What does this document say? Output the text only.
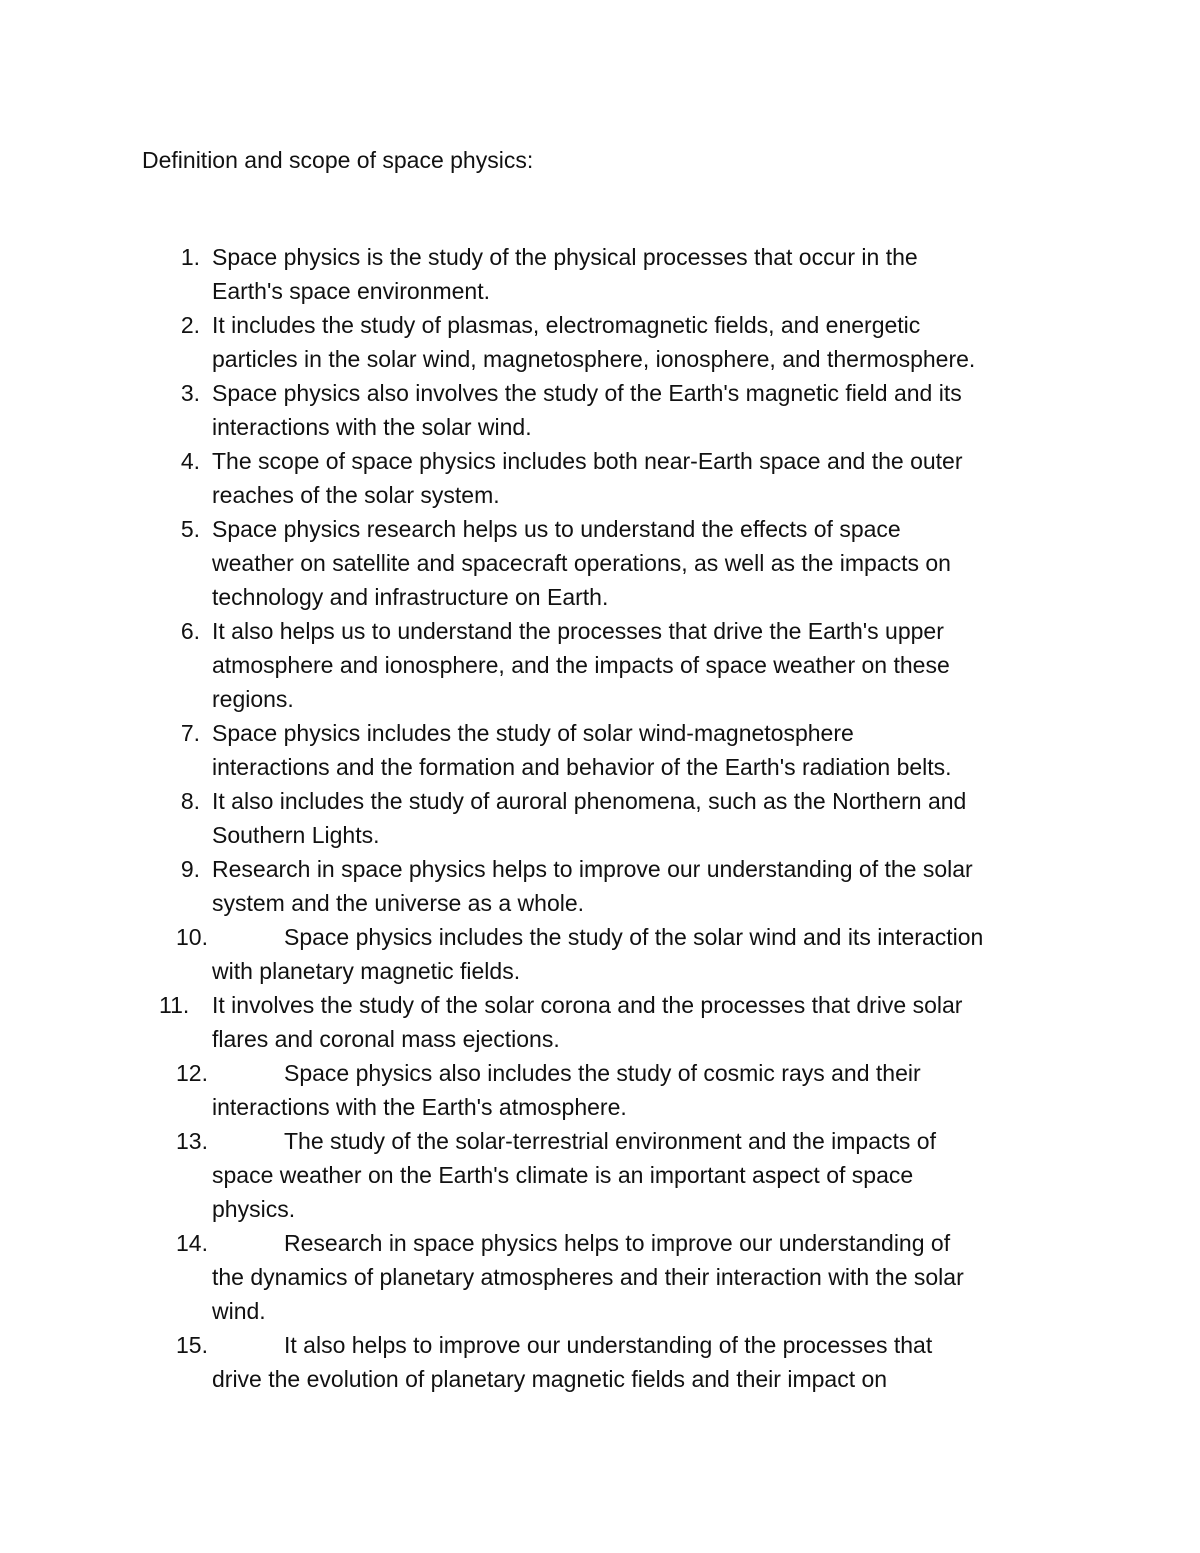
Definition and scope of space physics:
1. Space physics is the study of the physical processes that occur in the
Earth's space environment.
2. It includes the study of plasmas, electromagnetic fields, and energetic
particles in the solar wind, magnetosphere, ionosphere, and thermosphere.
3. Space physics also involves the study of the Earth's magnetic field and its
interactions with the solar wind.
4. The scope of space physics includes both near-Earth space and the outer
reaches of the solar system.
5. Space physics research helps us to understand the effects of space
weather on satellite and spacecraft operations, as well as the impacts on
technology and infrastructure on Earth.
6. It also helps us to understand the processes that drive the Earth's upper
atmosphere and ionosphere, and the impacts of space weather on these
regions.
7. Space physics includes the study of solar wind-magnetosphere
interactions and the formation and behavior of the Earth's radiation belts.
8. It also includes the study of auroral phenomena, such as the Northern and
Southern Lights.
9. Research in space physics helps to improve our understanding of the solar
system and the universe as a whole.
10.	Space physics includes the study of the solar wind and its interaction
with planetary magnetic fields.
11. It involves the study of the solar corona and the processes that drive solar
flares and coronal mass ejections.
12.	Space physics also includes the study of cosmic rays and their
interactions with the Earth's atmosphere.
13.	The study of the solar-terrestrial environment and the impacts of
space weather on the Earth's climate is an important aspect of space
physics.
14.	Research in space physics helps to improve our understanding of
the dynamics of planetary atmospheres and their interaction with the solar
wind.
15.	It also helps to improve our understanding of the processes that
drive the evolution of planetary magnetic fields and their impact on
